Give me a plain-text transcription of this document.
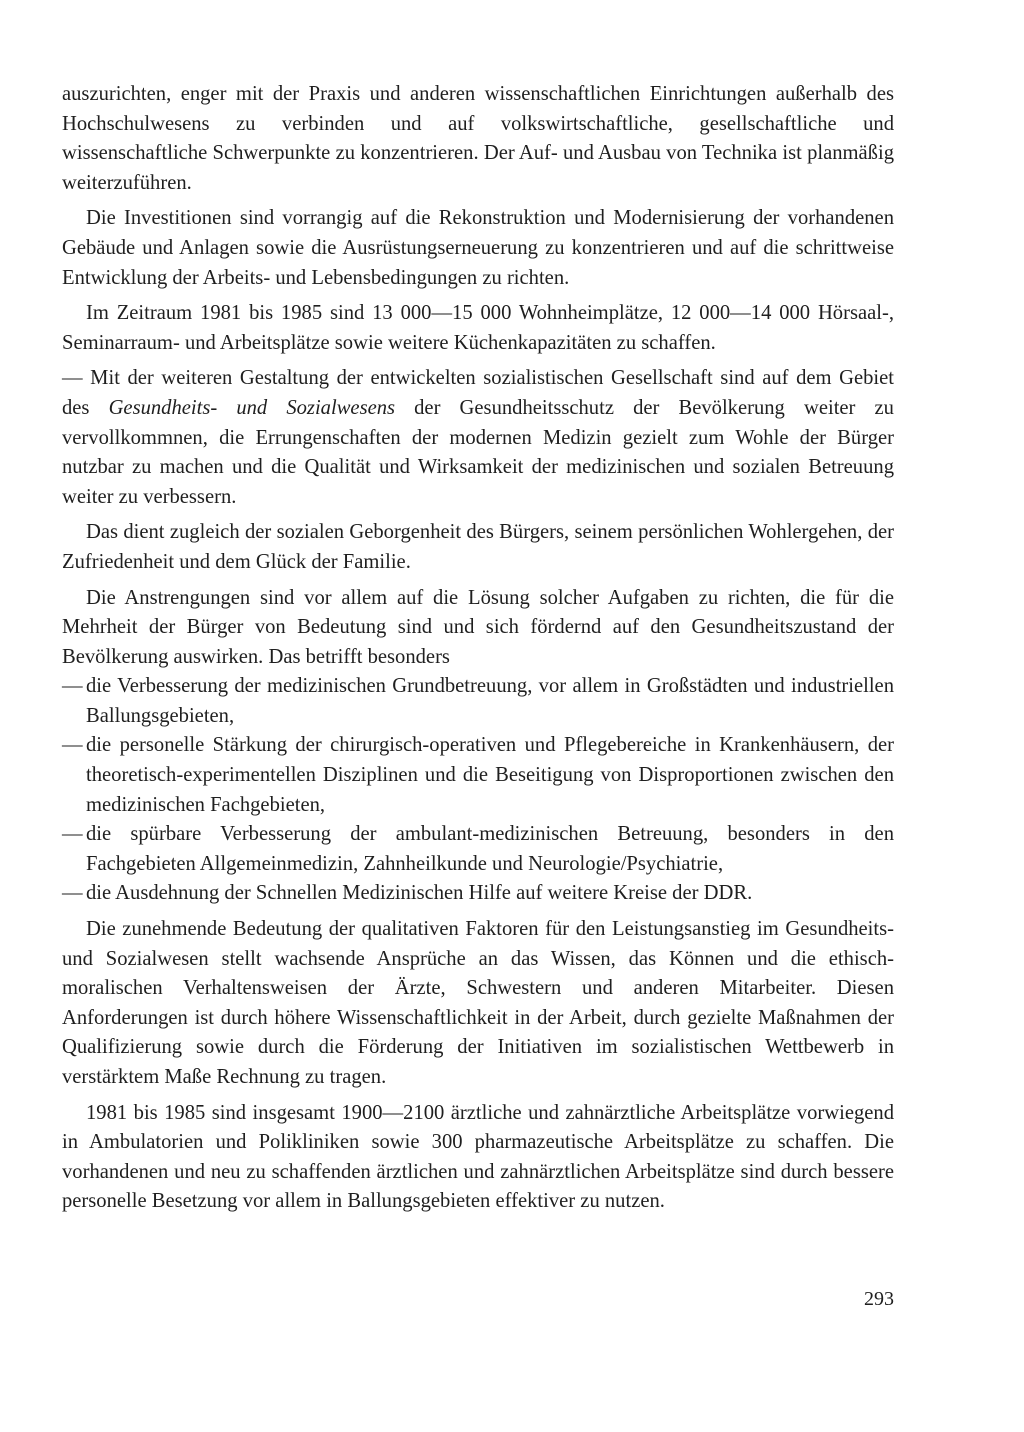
auszurichten, enger mit der Praxis und anderen wissenschaftlichen Einrichtungen außerhalb des Hochschulwesens zu verbinden und auf volkswirtschaftliche, gesellschaftliche und wissenschaftliche Schwerpunkte zu konzentrieren. Der Auf- und Ausbau von Technika ist planmäßig weiterzuführen.

Die Investitionen sind vorrangig auf die Rekonstruktion und Modernisierung der vorhandenen Gebäude und Anlagen sowie die Ausrüstungserneuerung zu konzentrieren und auf die schrittweise Entwicklung der Arbeits- und Lebensbedingungen zu richten.

Im Zeitraum 1981 bis 1985 sind 13 000—15 000 Wohnheimplätze, 12 000—14 000 Hörsaal-, Seminarraum- und Arbeitsplätze sowie weitere Küchenkapazitäten zu schaffen.

— Mit der weiteren Gestaltung der entwickelten sozialistischen Gesellschaft sind auf dem Gebiet des Gesundheits- und Sozialwesens der Gesundheitsschutz der Bevölkerung weiter zu vervollkommnen, die Errungenschaften der modernen Medizin gezielt zum Wohle der Bürger nutzbar zu machen und die Qualität und Wirksamkeit der medizinischen und sozialen Betreuung weiter zu verbessern.

Das dient zugleich der sozialen Geborgenheit des Bürgers, seinem persönlichen Wohlergehen, der Zufriedenheit und dem Glück der Familie.

Die Anstrengungen sind vor allem auf die Lösung solcher Aufgaben zu richten, die für die Mehrheit der Bürger von Bedeutung sind und sich fördernd auf den Gesundheitszustand der Bevölkerung auswirken. Das betrifft besonders

— die Verbesserung der medizinischen Grundbetreuung, vor allem in Großstädten und industriellen Ballungsgebieten,
— die personelle Stärkung der chirurgisch-operativen und Pflegebereiche in Krankenhäusern, der theoretisch-experimentellen Disziplinen und die Beseitigung von Disproportionen zwischen den medizinischen Fachgebieten,
— die spürbare Verbesserung der ambulant-medizinischen Betreuung, besonders in den Fachgebieten Allgemeinmedizin, Zahnheilkunde und Neurologie/Psychiatrie,
— die Ausdehnung der Schnellen Medizinischen Hilfe auf weitere Kreise der DDR.

Die zunehmende Bedeutung der qualitativen Faktoren für den Leistungsanstieg im Gesundheits- und Sozialwesen stellt wachsende Ansprüche an das Wissen, das Können und die ethisch-moralischen Verhaltensweisen der Ärzte, Schwestern und anderen Mitarbeiter. Diesen Anforderungen ist durch höhere Wissenschaftlichkeit in der Arbeit, durch gezielte Maßnahmen der Qualifizierung sowie durch die Förderung der Initiativen im sozialistischen Wettbewerb in verstärktem Maße Rechnung zu tragen.

1981 bis 1985 sind insgesamt 1900—2100 ärztliche und zahnärztliche Arbeitsplätze vorwiegend in Ambulatorien und Polikliniken sowie 300 pharmazeutische Arbeitsplätze zu schaffen. Die vorhandenen und neu zu schaffenden ärztlichen und zahnärztlichen Arbeitsplätze sind durch bessere personelle Besetzung vor allem in Ballungsgebieten effektiver zu nutzen.

293
